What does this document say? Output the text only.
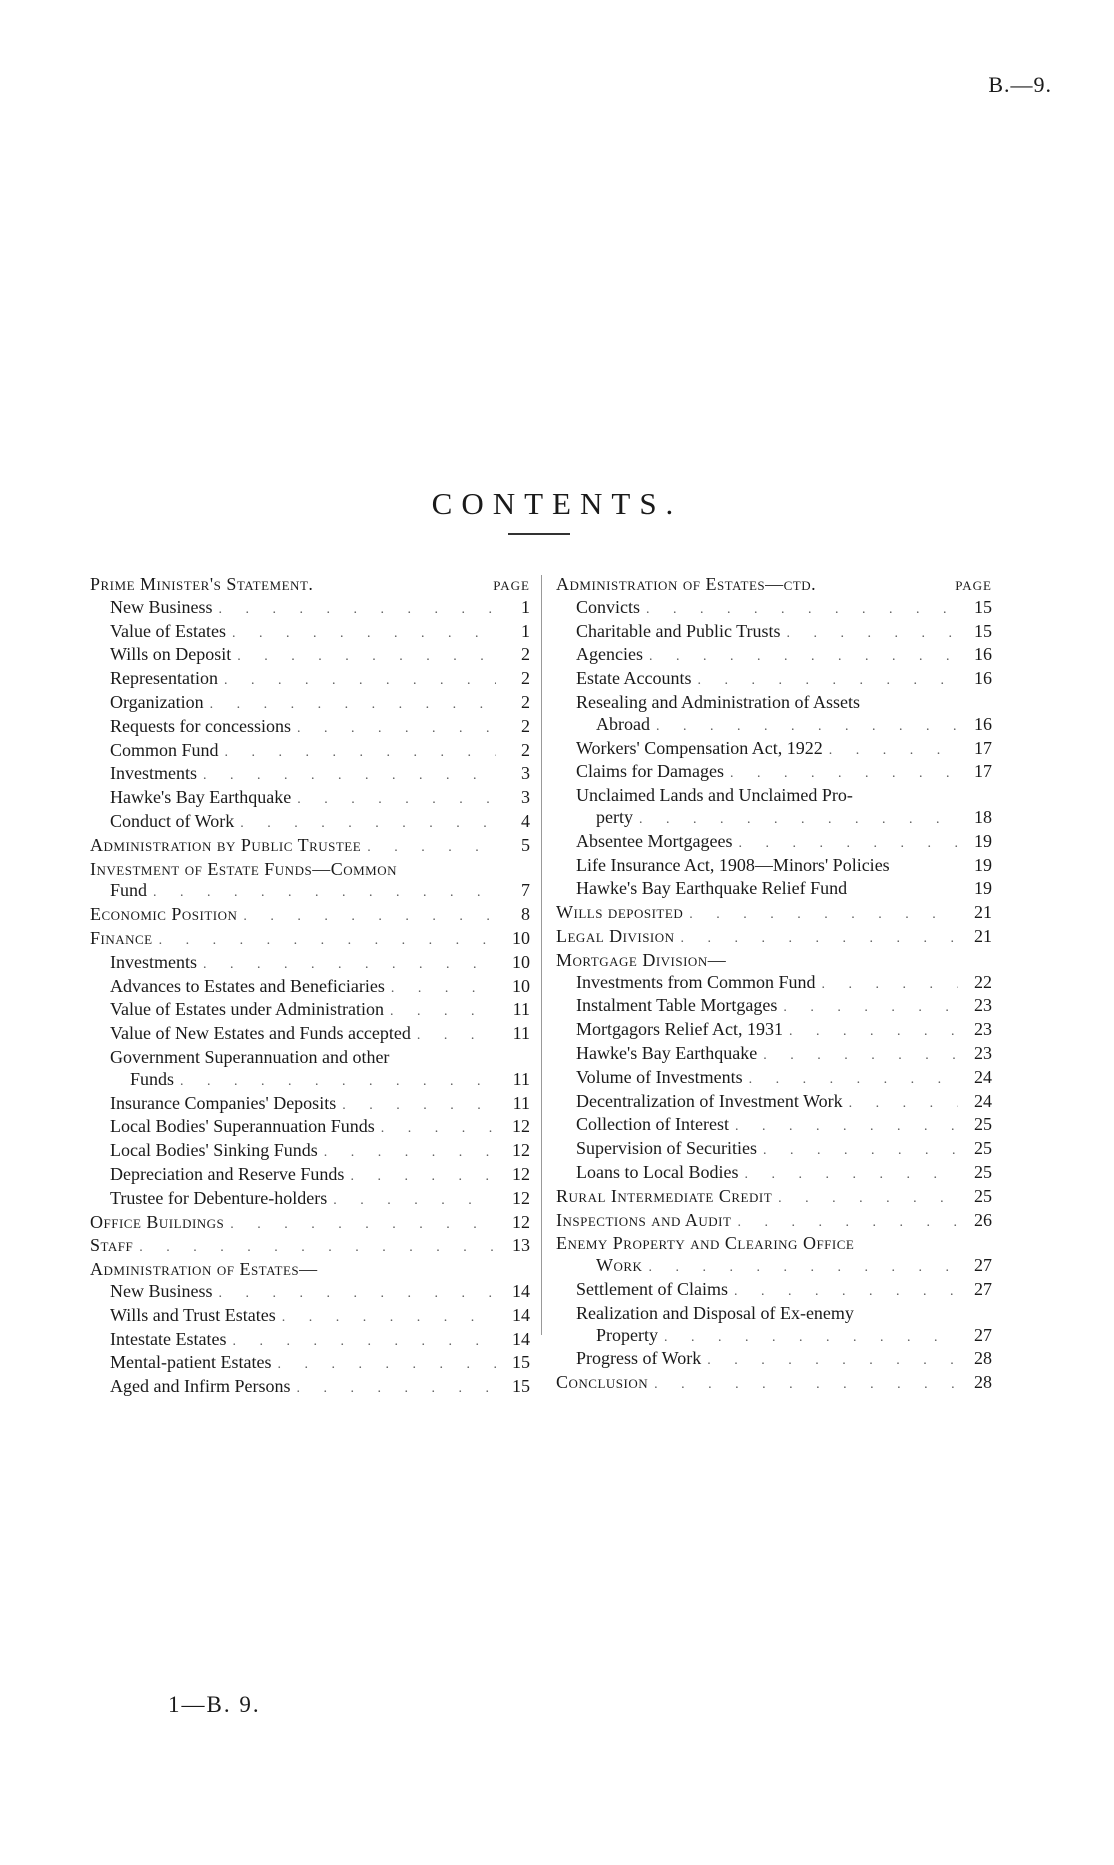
B.—9.
CONTENTS.
Prime Minister's Statement.	PAGE
New Business . . .	1
Value of Estates . . .	1
Wills on Deposit . . .	2
Representation . . .	2
Organization . . .	2
Requests for concessions . . .	2
Common Fund . . .	2
Investments . . .	3
Hawke's Bay Earthquake . . .	3
Conduct of Work . . .	4
Administration by Public Trustee . . .	5
Investment of Estate Funds—Common
Fund . . .	7
Economic Position . . .	8
Finance . . .	10
Investments . . .	10
Advances to Estates and Beneficiaries . . .	10
Value of Estates under Administration . . .	11
Value of New Estates and Funds accepted . . .	11
Government Superannuation and other
Funds . . .	11
Insurance Companies' Deposits . . .	11
Local Bodies' Superannuation Funds . . .	12
Local Bodies' Sinking Funds . . .	12
Depreciation and Reserve Funds . . .	12
Trustee for Debenture-holders . . .	12
Office Buildings . . .	12
Staff . . .	13
Administration of Estates—
New Business . . .	14
Wills and Trust Estates . . .	14
Intestate Estates . . .	14
Mental-patient Estates . . .	15
Aged and Infirm Persons . . .	15
Administration of Estates—ctd.	PAGE
Convicts . . .	15
Charitable and Public Trusts . . .	15
Agencies . . .	16
Estate Accounts . . .	16
Resealing and Administration of Assets
Abroad . . .	16
Workers' Compensation Act, 1922 . . .	17
Claims for Damages . . .	17
Unclaimed Lands and Unclaimed Pro-
perty . . .	18
Absentee Mortgagees . . .	19
Life Insurance Act, 1908—Minors' Policies	19
Hawke's Bay Earthquake Relief Fund	19
Wills deposited . . .	21
Legal Division . . .	21
Mortgage Division—
Investments from Common Fund . . .	22
Instalment Table Mortgages . . .	23
Mortgagors Relief Act, 1931 . . .	23
Hawke's Bay Earthquake . . .	23
Volume of Investments . . .	24
Decentralization of Investment Work . . .	24
Collection of Interest . . .	25
Supervision of Securities . . .	25
Loans to Local Bodies . . .	25
Rural Intermediate Credit . . .	25
Inspections and Audit . . .	26
Enemy Property and Clearing Office
Work . . .	27
Settlement of Claims . . .	27
Realization and Disposal of Ex-enemy
Property . . .	27
Progress of Work . . .	28
Conclusion . . .	28
1—B. 9.
